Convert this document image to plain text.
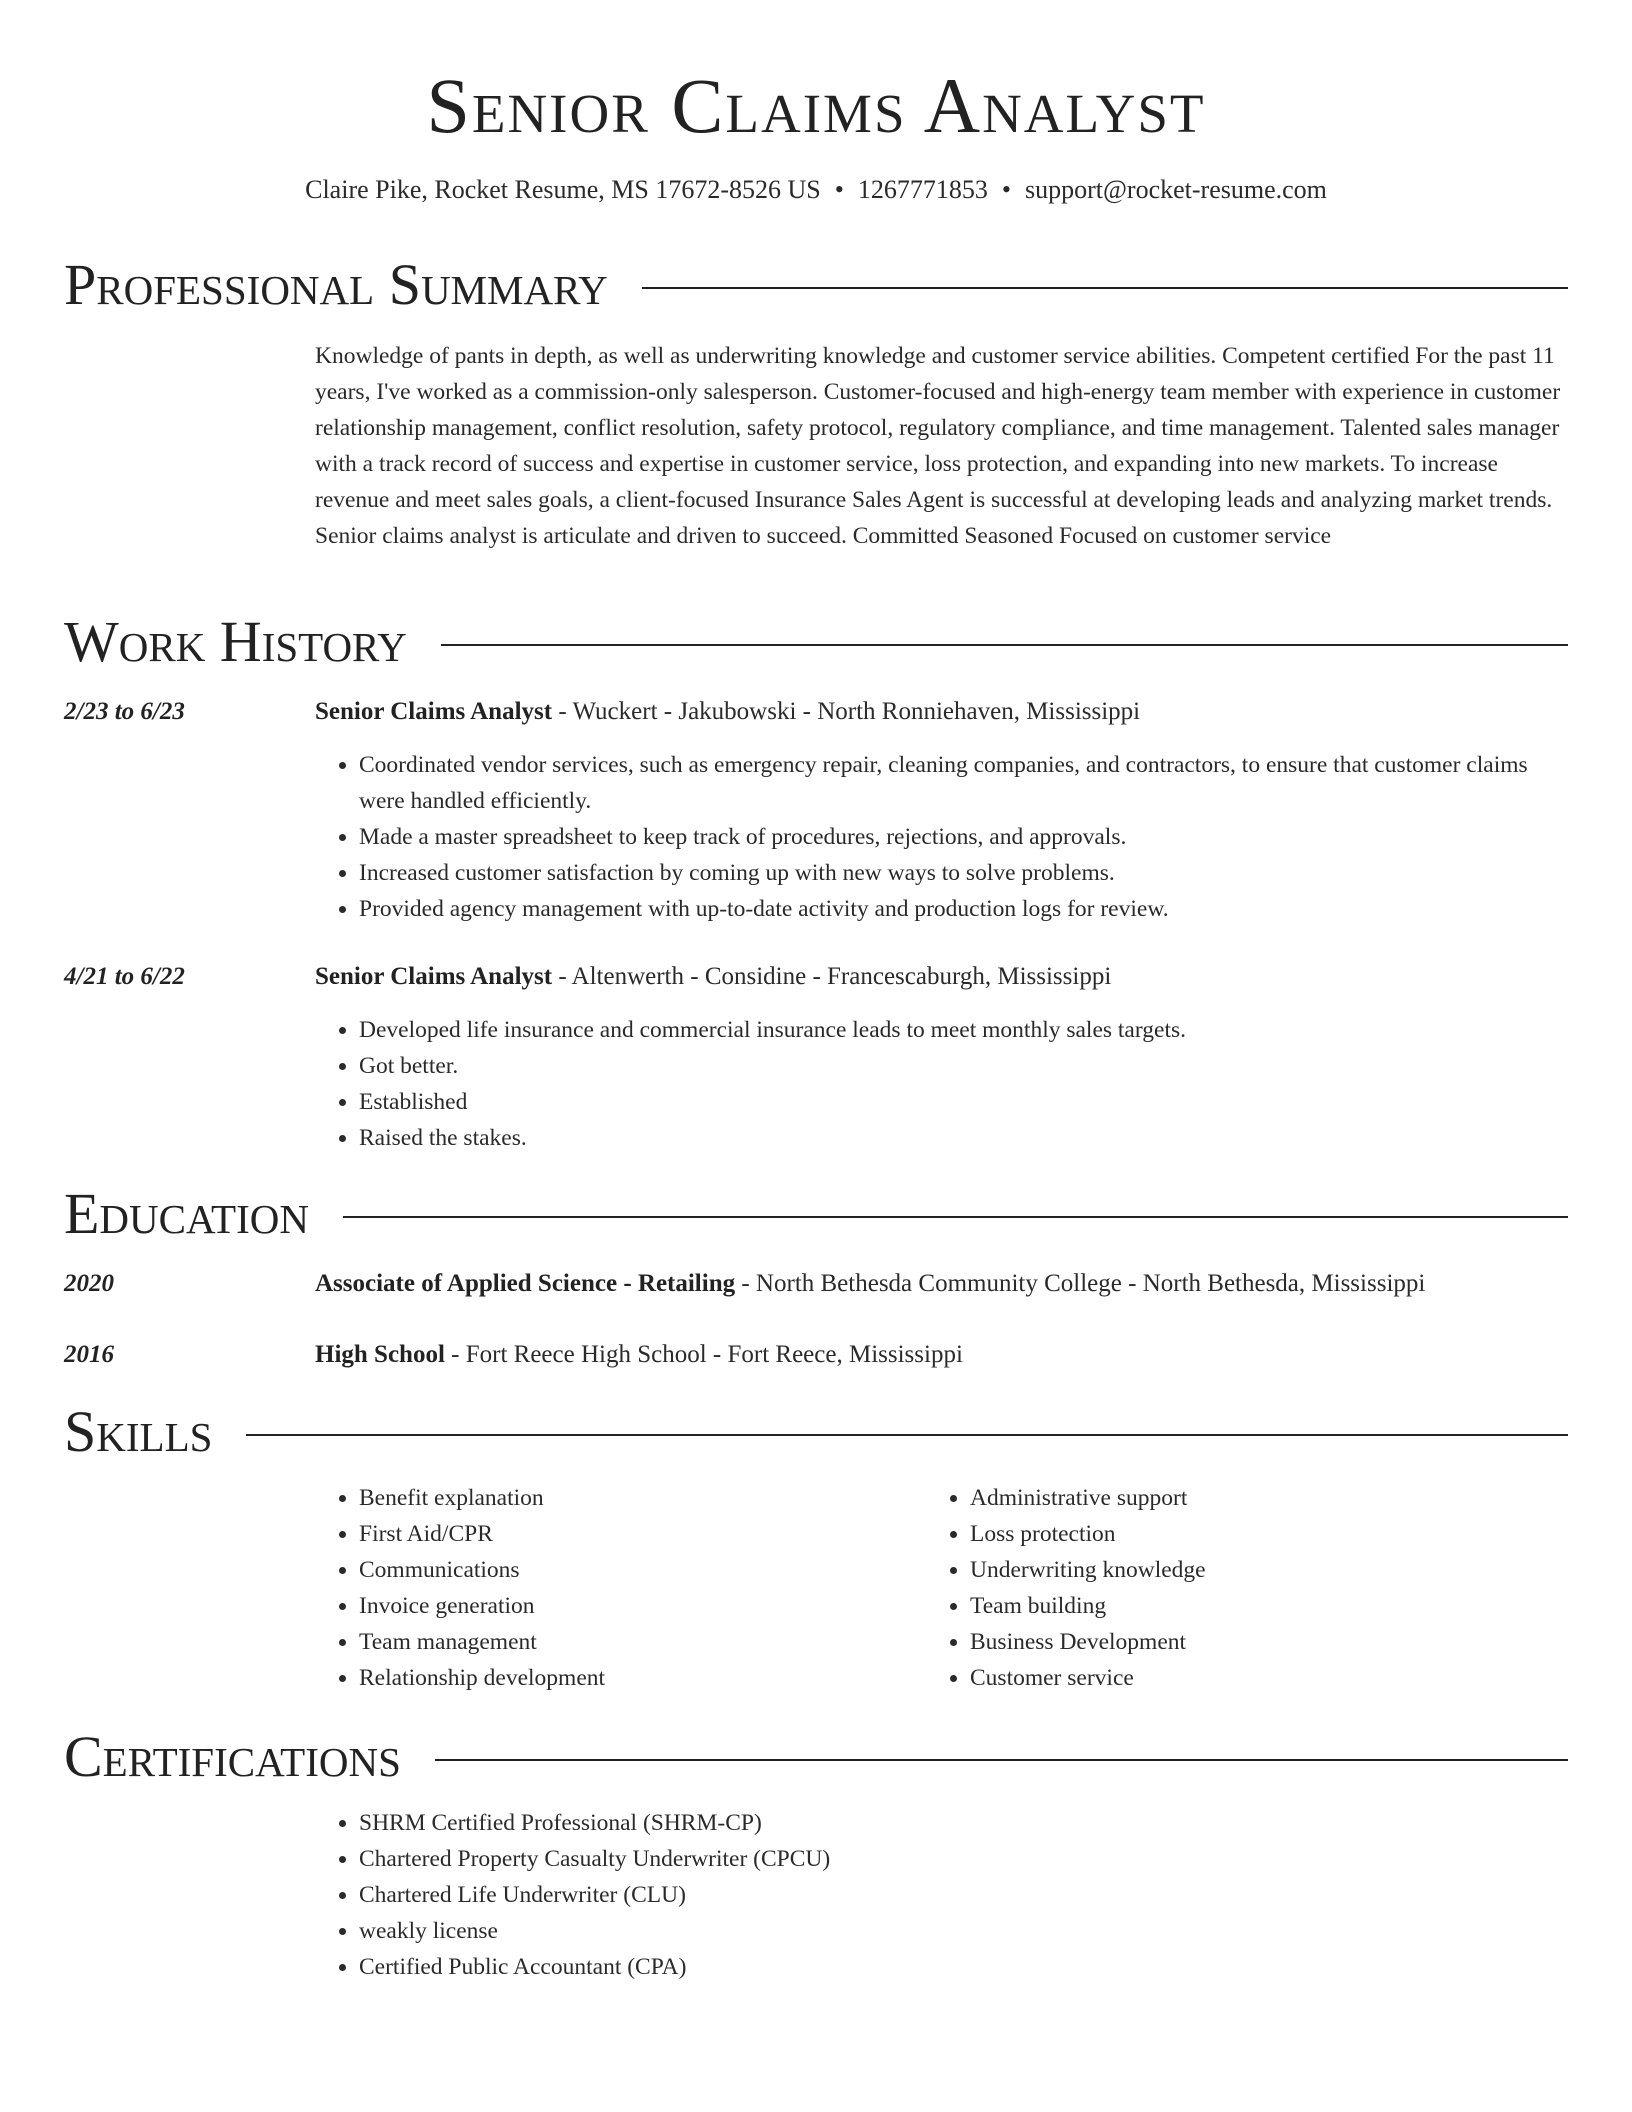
Senior Claims Analyst
Claire Pike, Rocket Resume, MS 17672-8526 US • 1267771853 • support@rocket-resume.com
Professional Summary

Knowledge of pants in depth, as well as underwriting knowledge and customer service abilities. Competent certified For the past 11 years, I've worked as a commission-only salesperson. Customer-focused and high-energy team member with experience in customer relationship management, conflict resolution, safety protocol, regulatory compliance, and time management. Talented sales manager with a track record of success and expertise in customer service, loss protection, and expanding into new markets. To increase revenue and meet sales goals, a client-focused Insurance Sales Agent is successful at developing leads and analyzing market trends. Senior claims analyst is articulate and driven to succeed. Committed Seasoned Focused on customer service

Work History
2/23 to 6/23	Senior Claims Analyst - Wuckert - Jakubowski - North Ronniehaven, Mississippi
• Coordinated vendor services, such as emergency repair, cleaning companies, and contractors, to ensure that customer claims were handled efficiently.
• Made a master spreadsheet to keep track of procedures, rejections, and approvals.
• Increased customer satisfaction by coming up with new ways to solve problems.
• Provided agency management with up-to-date activity and production logs for review.
4/21 to 6/22	Senior Claims Analyst - Altenwerth - Considine - Francescaburgh, Mississippi
• Developed life insurance and commercial insurance leads to meet monthly sales targets.
• Got better.
• Established
• Raised the stakes.
Education
2020	Associate of Applied Science - Retailing - North Bethesda Community College - North Bethesda, Mississippi
2016	High School - Fort Reece High School - Fort Reece, Mississippi
Skills
• Benefit explanation
• First Aid/CPR
• Communications
• Invoice generation
• Team management
• Relationship development
• Administrative support
• Loss protection
• Underwriting knowledge
• Team building
• Business Development
• Customer service
Certifications
• SHRM Certified Professional (SHRM-CP)
• Chartered Property Casualty Underwriter (CPCU)
• Chartered Life Underwriter (CLU)
• weakly license
• Certified Public Accountant (CPA)
